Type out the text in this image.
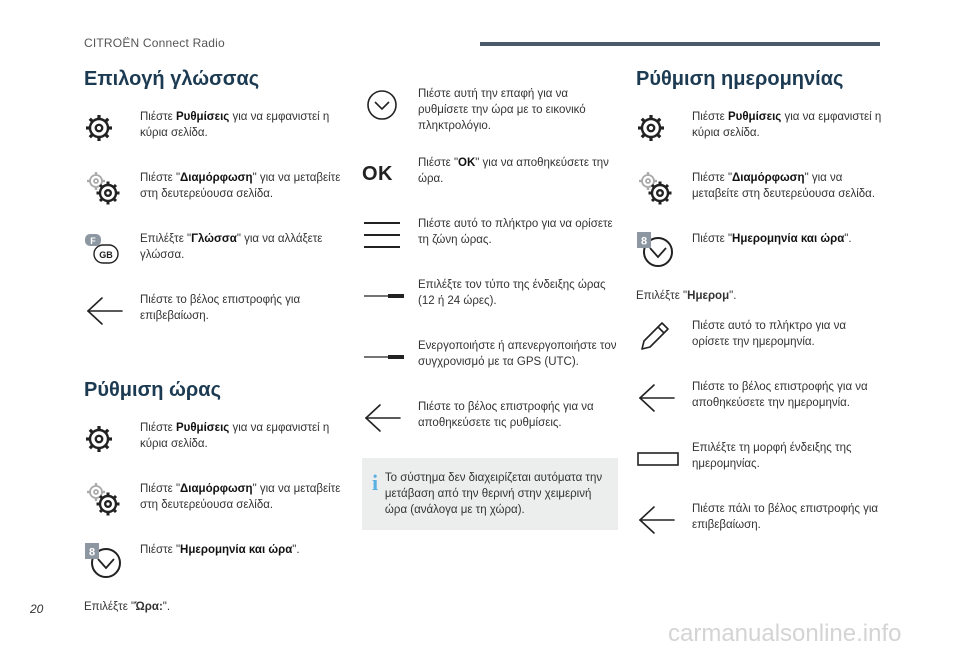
CITROËN Connect Radio
Επιλογή γλώσσας
Πιέστε Ρυθμίσεις για να εμφανιστεί η κύρια σελίδα.
Πιέστε "Διαμόρφωση" για να μεταβείτε στη δευτερεύουσα σελίδα.
F
GB
Επιλέξτε "Γλώσσα" για να αλλάξετε γλώσσα.
Πιέστε το βέλος επιστροφής για επιβεβαίωση.
Ρύθμιση ώρας
Πιέστε Ρυθμίσεις για να εμφανιστεί η κύρια σελίδα.
Πιέστε "Διαμόρφωση" για να μεταβείτε στη δευτερεύουσα σελίδα.
8	Πιέστε "Ημερομηνία και ώρα".
Επιλέξτε "Ώρα:".
Πιέστε αυτή την επαφή για να ρυθμίσετε την ώρα με το εικονικό πληκτρολόγιο.
OK Πιέστε "OK" για να αποθηκεύσετε την ώρα.
Πιέστε αυτό το πλήκτρο για να ορίσετε τη ζώνη ώρας.
Επιλέξτε τον τύπο της ένδειξης ώρας (12 ή 24 ώρες).
Ενεργοποιήστε ή απενεργοποιήστε τον συγχρονισμό με τα GPS (UTC).
Πιέστε το βέλος επιστροφής για να αποθηκεύσετε τις ρυθμίσεις.
i Το σύστημα δεν διαχειρίζεται αυτόματα την μετάβαση από την θερινή στην χειμερινή ώρα (ανάλογα με τη χώρα).
Ρύθμιση ημερομηνίας
Πιέστε Ρυθμίσεις για να εμφανιστεί η κύρια σελίδα.
Πιέστε "Διαμόρφωση" για να μεταβείτε στη δευτερεύουσα σελίδα.
8	Πιέστε "Ημερομηνία και ώρα".
Επιλέξτε "Ημερομ".
Πιέστε αυτό το πλήκτρο για να ορίσετε την ημερομηνία.
Πιέστε το βέλος επιστροφής για να αποθηκεύσετε την ημερομηνία.
Επιλέξτε τη μορφή ένδειξης της ημερομηνίας.
Πιέστε πάλι το βέλος επιστροφής για επιβεβαίωση.
20
carmanualsonline.info
